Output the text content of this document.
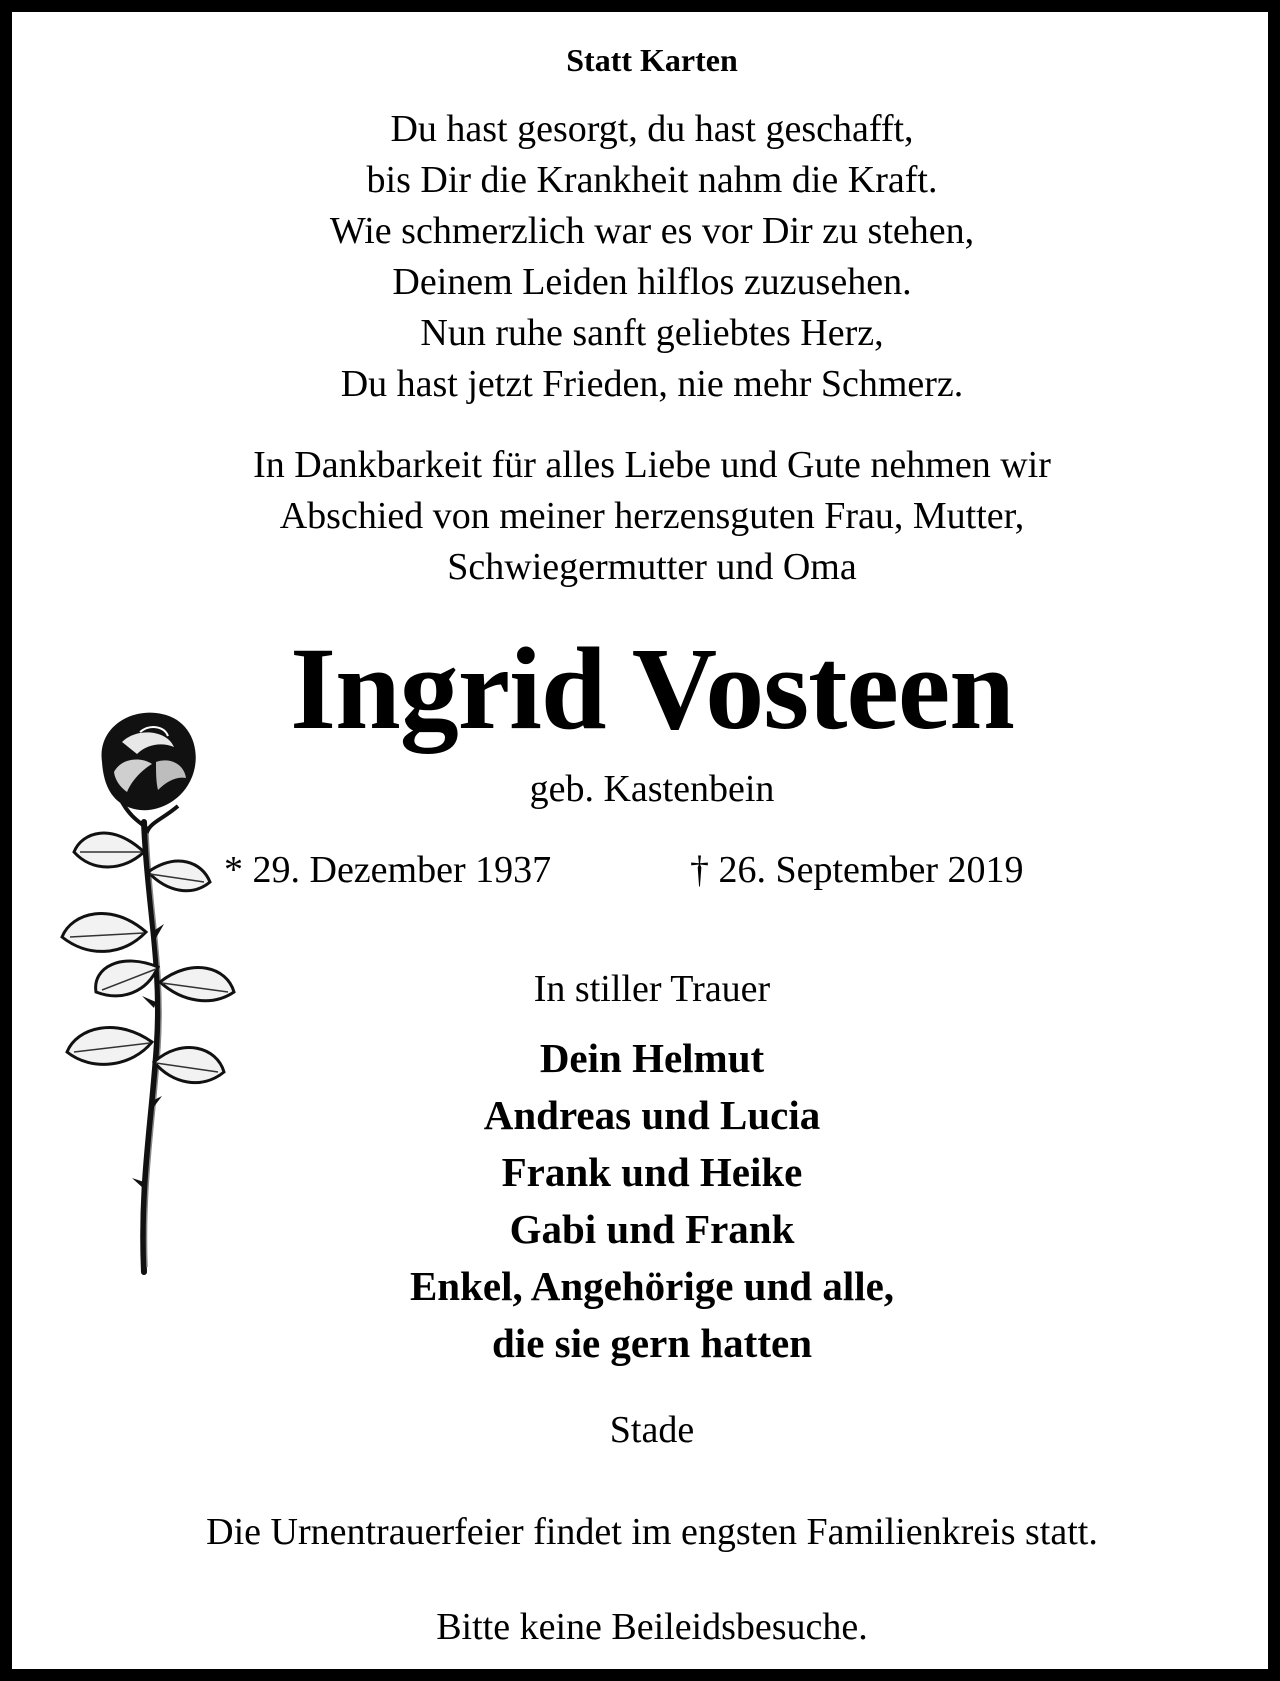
Statt Karten
Du hast gesorgt, du hast geschafft,
bis Dir die Krankheit nahm die Kraft.
Wie schmerzlich war es vor Dir zu stehen,
Deinem Leiden hilflos zuzusehen.
Nun ruhe sanft geliebtes Herz,
Du hast jetzt Frieden, nie mehr Schmerz.
In Dankbarkeit für alles Liebe und Gute nehmen wir
Abschied von meiner herzensguten Frau, Mutter,
Schwiegermutter und Oma
Ingrid Vosteen
geb. Kastenbein
* 29. Dezember 1937	† 26. September 2019
In stiller Trauer
Dein Helmut
Andreas und Lucia
Frank und Heike
Gabi und Frank
Enkel, Angehörige und alle,
die sie gern hatten
Stade
Die Urnentrauerfeier findet im engsten Familienkreis statt.
Bitte keine Beileidsbesuche.
